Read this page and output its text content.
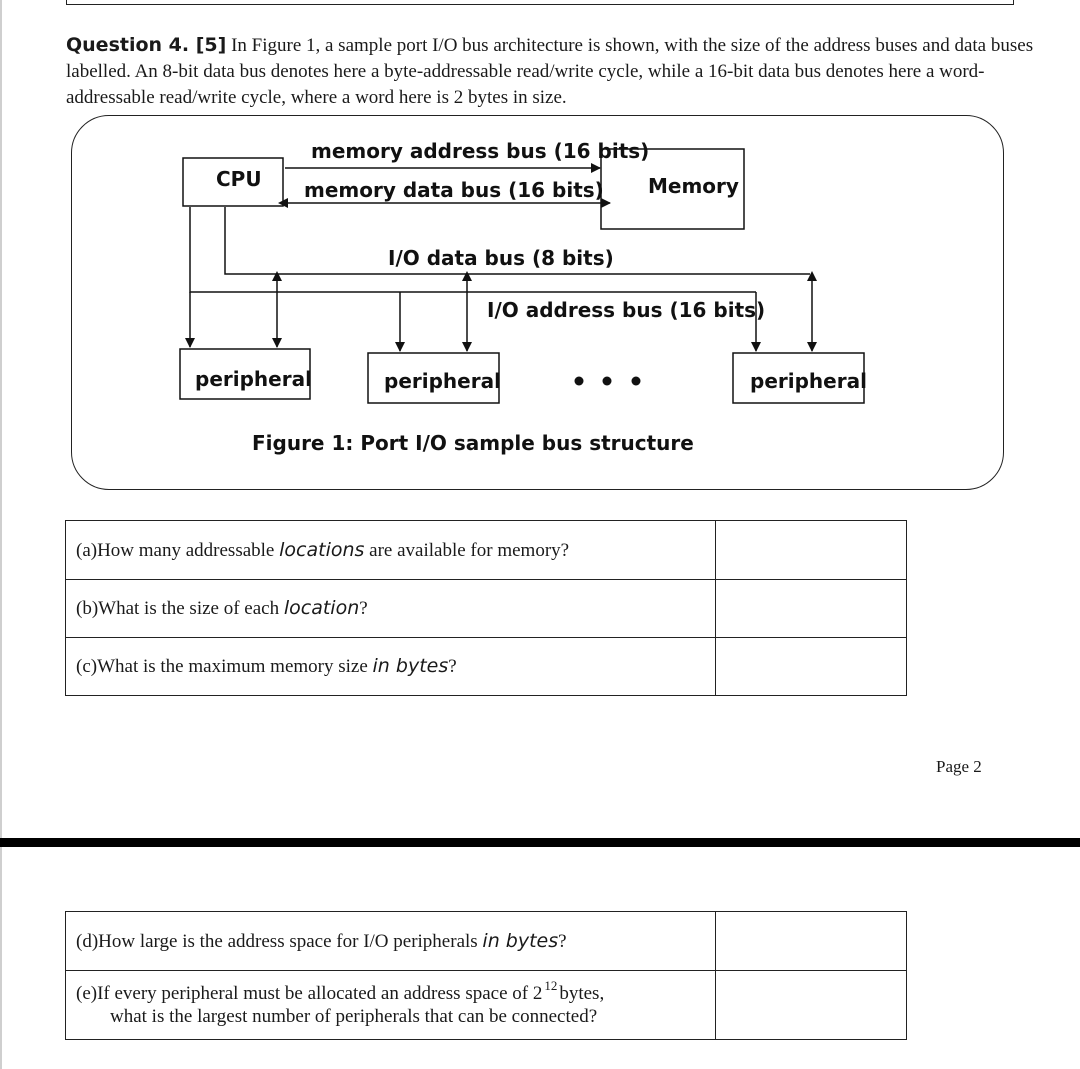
Question 4. [5] In Figure 1, a sample port I/O bus architecture is shown, with the size of the address buses and data buses labelled. An 8-bit data bus denotes here a byte-addressable read/write cycle, while a 16-bit data bus denotes here a word-addressable read/write cycle, where a word here is 2 bytes in size.
CPU	Memory
memory address bus (16 bits)
memory data bus (16 bits)
I/O data bus (8 bits)
I/O address bus (16 bits)
peripheral	peripheral	peripheral
Figure 1: Port I/O sample bus structure
(a)How many addressable locations are available for memory?	
(b)What is the size of each location?	
(c)What is the maximum memory size in bytes?	
Page 2
(d)How large is the address space for I/O peripherals in bytes?	
(e)If every peripheral must be allocated an address space of 2 $^{12}$ bytes,
what is the largest number of peripherals that can be connected?	
